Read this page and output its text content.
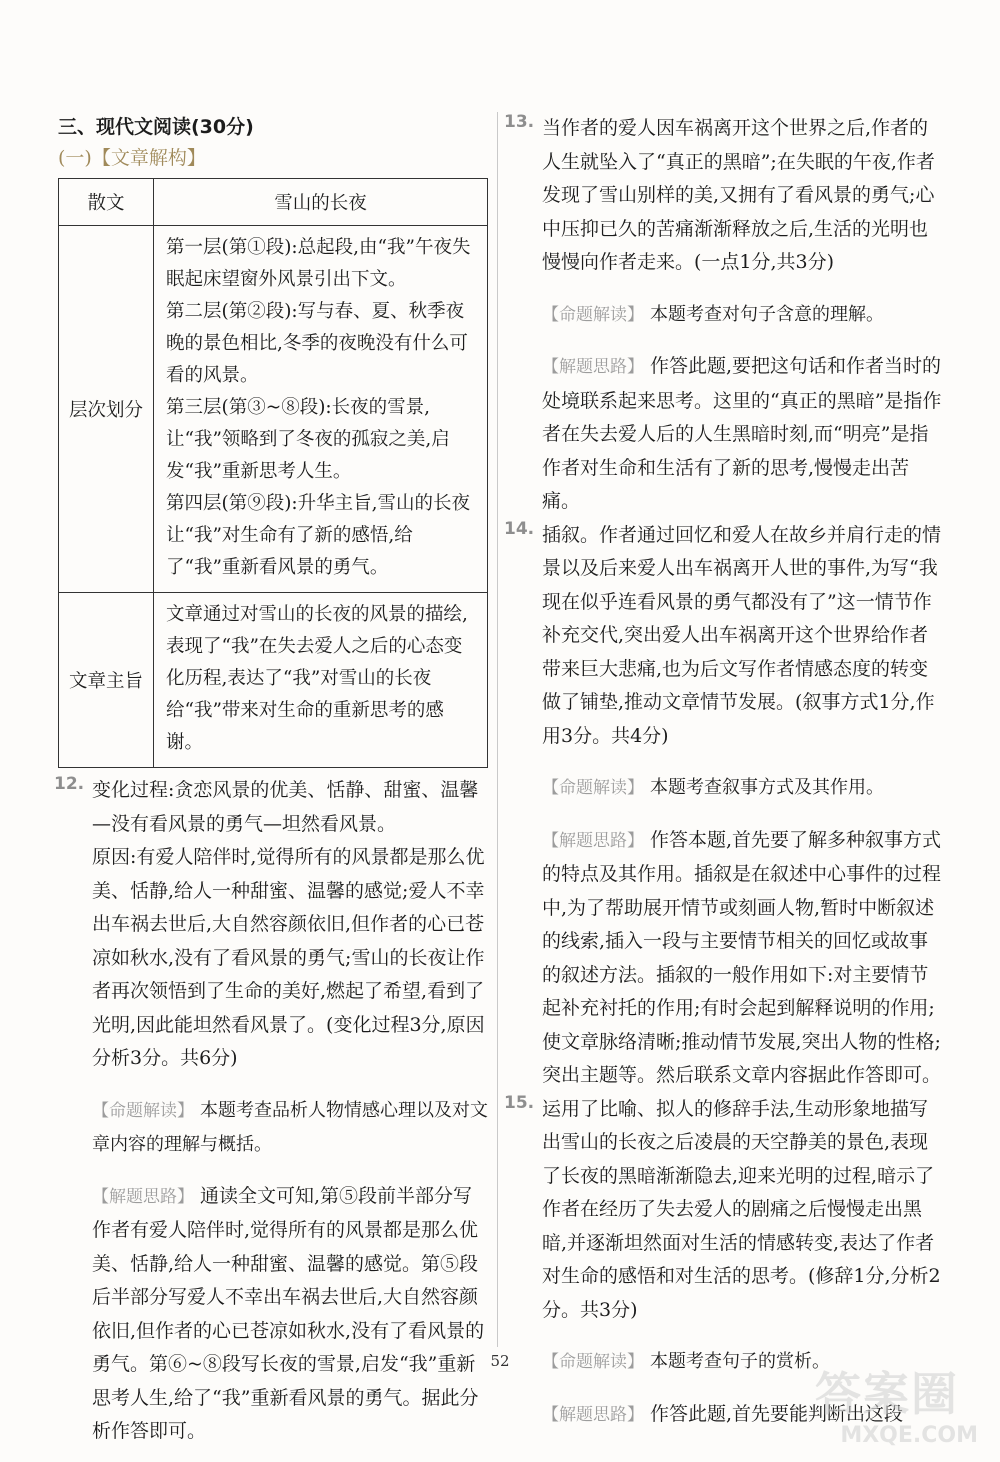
三、现代文阅读(30分)
(一)【文章解构】
散文	雪山的长夜
层次划分	第一层(第①段):总起段,由“我”午夜失眠起床望窗外风景引出下文。
第二层(第②段):写与春、夏、秋季夜晚的景色相比,冬季的夜晚没有什么可看的风景。
第三层(第③~⑧段):长夜的雪景,让“我”领略到了冬夜的孤寂之美,启发“我”重新思考人生。
第四层(第⑨段):升华主旨,雪山的长夜让“我”对生命有了新的感悟,给了“我”重新看风景的勇气。

文章主旨	文章通过对雪山的长夜的风景的描绘,表现了“我”在失去爱人之后的心态变化历程,表达了“我”对雪山的长夜给“我”带来对生命的重新思考的感谢。
12. 变化过程:贪恋风景的优美、恬静、甜蜜、温馨—没有看风景的勇气—坦然看风景。

原因:有爱人陪伴时,觉得所有的风景都是那么优美、恬静,给人一种甜蜜、温馨的感觉;爱人不幸出车祸去世后,大自然容颜依旧,但作者的心已苍凉如秋水,没有了看风景的勇气;雪山的长夜让作者再次领悟到了生命的美好,燃起了希望,看到了光明,因此能坦然看风景了。(变化过程3分,原因分析3分。共6分)

【命题解读】 本题考查品析人物情感心理以及对文章内容的理解与概括。

【解题思路】 通读全文可知,第⑤段前半部分写作者有爱人陪伴时,觉得所有的风景都是那么优美、恬静,给人一种甜蜜、温馨的感觉。第⑤段后半部分写爱人不幸出车祸去世后,大自然容颜依旧,但作者的心已苍凉如秋水,没有了看风景的勇气。第⑥~⑧段写长夜的雪景,启发“我”重新思考人生,给了“我”重新看风景的勇气。据此分析作答即可。

13. 当作者的爱人因车祸离开这个世界之后,作者的人生就坠入了“真正的黑暗”;在失眠的午夜,作者发现了雪山别样的美,又拥有了看风景的勇气;心中压抑已久的苦痛渐渐释放之后,生活的光明也慢慢向作者走来。(一点1分,共3分)

【命题解读】 本题考查对句子含意的理解。

【解题思路】 作答此题,要把这句话和作者当时的处境联系起来思考。这里的“真正的黑暗”是指作者在失去爱人后的人生黑暗时刻,而“明亮”是指作者对生命和生活有了新的思考,慢慢走出苦痛。

14. 插叙。作者通过回忆和爱人在故乡并肩行走的情景以及后来爱人出车祸离开人世的事件,为写“我现在似乎连看风景的勇气都没有了”这一情节作补充交代,突出爱人出车祸离开这个世界给作者带来巨大悲痛,也为后文写作者情感态度的转变做了铺垫,推动文章情节发展。(叙事方式1分,作用3分。共4分)

【命题解读】 本题考查叙事方式及其作用。

【解题思路】 作答本题,首先要了解多种叙事方式的特点及其作用。插叙是在叙述中心事件的过程中,为了帮助展开情节或刻画人物,暂时中断叙述的线索,插入一段与主要情节相关的回忆或故事的叙述方法。插叙的一般作用如下:对主要情节起补充衬托的作用;有时会起到解释说明的作用;使文章脉络清晰;推动情节发展,突出人物的性格;突出主题等。然后联系文章内容据此作答即可。

15. 运用了比喻、拟人的修辞手法,生动形象地描写出雪山的长夜之后凌晨的天空静美的景色,表现了长夜的黑暗渐渐隐去,迎来光明的过程,暗示了作者在经历了失去爱人的剧痛之后慢慢走出黑暗,并逐渐坦然面对生活的情感转变,表达了作者对生命的感悟和对生活的思考。(修辞1分,分析2分。共3分)

【命题解读】 本题考查句子的赏析。

【解题思路】 作答此题,首先要能判断出这段

52
答案圈
MXQE.COM
